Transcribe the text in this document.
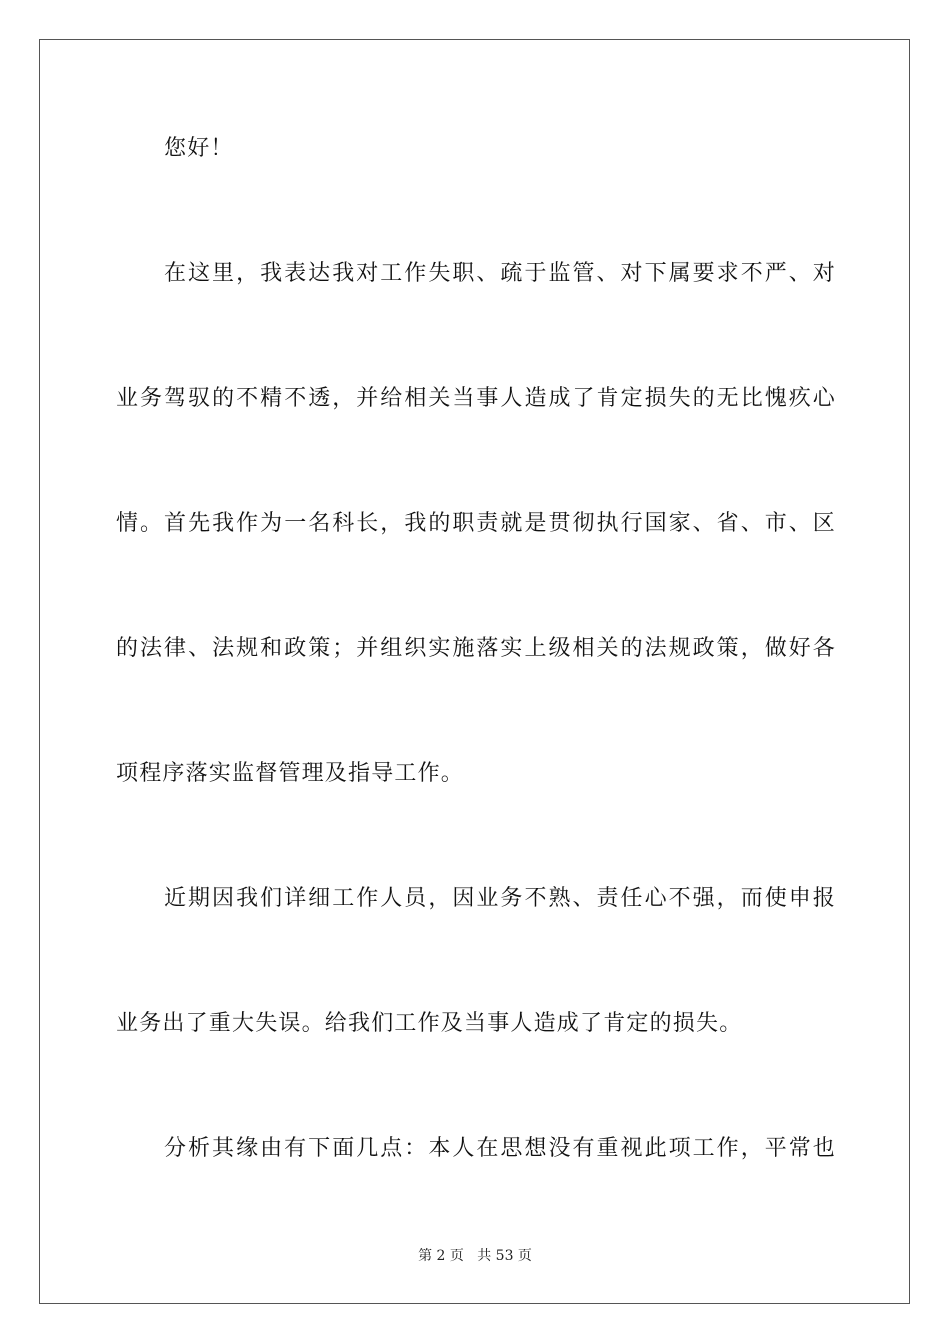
您好！
在这里，我表达我对工作失职、疏于监管、对下属要求不严、对
业务驾驭的不精不透，并给相关当事人造成了肯定损失的无比愧疚心
情。首先我作为一名科长，我的职责就是贯彻执行国家、省、市、区
的法律、法规和政策；并组织实施落实上级相关的法规政策，做好各
项程序落实监督管理及指导工作。
近期因我们详细工作人员，因业务不熟、责任心不强，而使申报
业务出了重大失误。给我们工作及当事人造成了肯定的损失。
分析其缘由有下面几点：本人在思想没有重视此项工作，平常也
第 2 页   共 53 页
